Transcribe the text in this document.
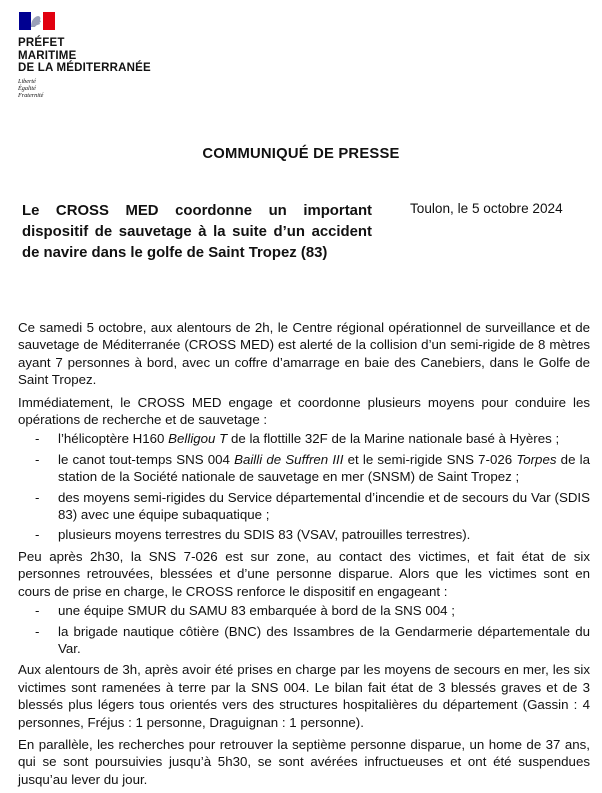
PRÉFET
MARITIME
DE LA MÉDITERRANÉE
Liberté
Égalité
Fraternité
COMMUNIQUÉ DE PRESSE
Le CROSS MED coordonne un important dispositif de sauvetage à la suite d’un accident de navire dans le golfe de Saint Tropez (83)
Toulon, le 5 octobre 2024

Ce samedi 5 octobre, aux alentours de 2h, le Centre régional opérationnel de surveillance et de sauvetage de Méditerranée (CROSS MED) est alerté de la collision d’un semi-rigide de 8 mètres ayant 7 personnes à bord, avec un coffre d’amarrage en baie des Canebiers, dans le Golfe de Saint Tropez.

Immédiatement, le CROSS MED engage et coordonne plusieurs moyens pour conduire les opérations de recherche et de sauvetage :

- l’hélicoptère H160 Belligou T de la flottille 32F de la Marine nationale basé à Hyères ;
- le canot tout-temps SNS 004 Bailli de Suffren III et le semi-rigide SNS 7-026 Torpes de la station de la Société nationale de sauvetage en mer (SNSM) de Saint Tropez ;
- des moyens semi-rigides du Service départemental d’incendie et de secours du Var (SDIS 83) avec une équipe subaquatique ;
- plusieurs moyens terrestres du SDIS 83 (VSAV, patrouilles terrestres).

Peu après 2h30, la SNS 7-026 est sur zone, au contact des victimes, et fait état de six personnes retrouvées, blessées et d’une personne disparue. Alors que les victimes sont en cours de prise en charge, le CROSS renforce le dispositif en engageant :

- une équipe SMUR du SAMU 83 embarquée à bord de la SNS 004 ;
- la brigade nautique côtière (BNC) des Issambres de la Gendarmerie départementale du Var.

Aux alentours de 3h, après avoir été prises en charge par les moyens de secours en mer, les six victimes sont ramenées à terre par la SNS 004. Le bilan fait état de 3 blessés graves et de 3 blessés plus légers tous orientés vers des structures hospitalières du département (Gassin : 4 personnes, Fréjus : 1 personne, Draguignan : 1 personne).

En parallèle, les recherches pour retrouver la septième personne disparue, un home de 37 ans, qui se sont poursuivies jusqu’à 5h30, se sont avérées infructueuses et ont été suspendues jusqu’au lever du jour.
